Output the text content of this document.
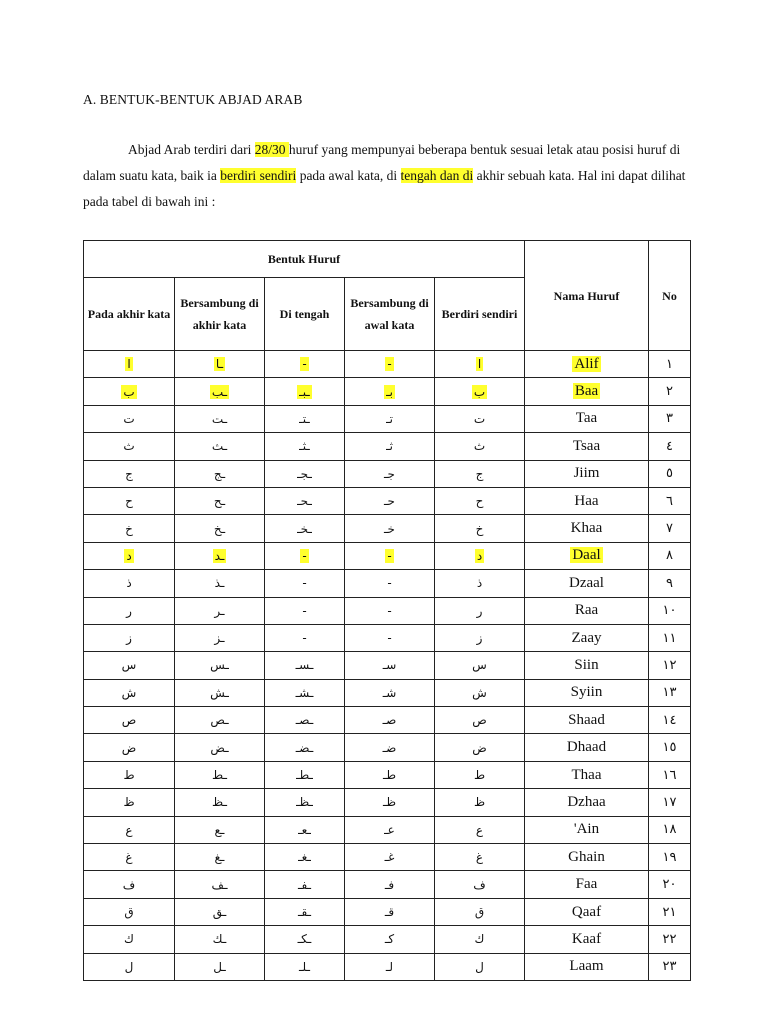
A. BENTUK-BENTUK ABJAD ARAB
Abjad Arab terdiri dari 28/30 huruf yang mempunyai beberapa bentuk sesuai letak atau posisi huruf di dalam suatu kata, baik ia berdiri sendiri pada awal kata, di tengah dan di akhir sebuah kata. Hal ini dapat dilihat pada tabel di bawah ini :
Bentuk Huruf					Nama Huruf	No
Pada akhir kata	Bersambung di akhir kata	Di tengah	Bersambung di awal kata	Berdiri sendiri		
ا	ـا	-	-	ا	Alif	١
ب	ـب	ـبـ	بـ	ب	Baa	٢
ت	ـت	ـتـ	تـ	ت	Taa	٣
ث	ـث	ـثـ	ثـ	ث	Tsaa	٤
ج	ـج	ـجـ	جـ	ج	Jiim	٥
ح	ـح	ـحـ	حـ	ح	Haa	٦
خ	ـخ	ـخـ	خـ	خ	Khaa	٧
د	ـد	-	-	د	Daal	٨
ذ	ـذ	-	-	ذ	Dzaal	٩
ر	ـر	-	-	ر	Raa	١٠
ز	ـز	-	-	ز	Zaay	١١
س	ـس	ـسـ	سـ	س	Siin	١٢
ش	ـش	ـشـ	شـ	ش	Syiin	١٣
ص	ـص	ـصـ	صـ	ص	Shaad	١٤
ض	ـض	ـضـ	ضـ	ض	Dhaad	١٥
ط	ـط	ـطـ	طـ	ط	Thaa	١٦
ظ	ـظ	ـظـ	ظـ	ظ	Dzhaa	١٧
ع	ـع	ـعـ	عـ	ع	'Ain	١٨
غ	ـغ	ـغـ	غـ	غ	Ghain	١٩
ف	ـف	ـفـ	فـ	ف	Faa	٢٠
ق	ـق	ـقـ	قـ	ق	Qaaf	٢١
ك	ـك	ـكـ	كـ	ك	Kaaf	٢٢
ل	ـل	ـلـ	لـ	ل	Laam	٢٣
